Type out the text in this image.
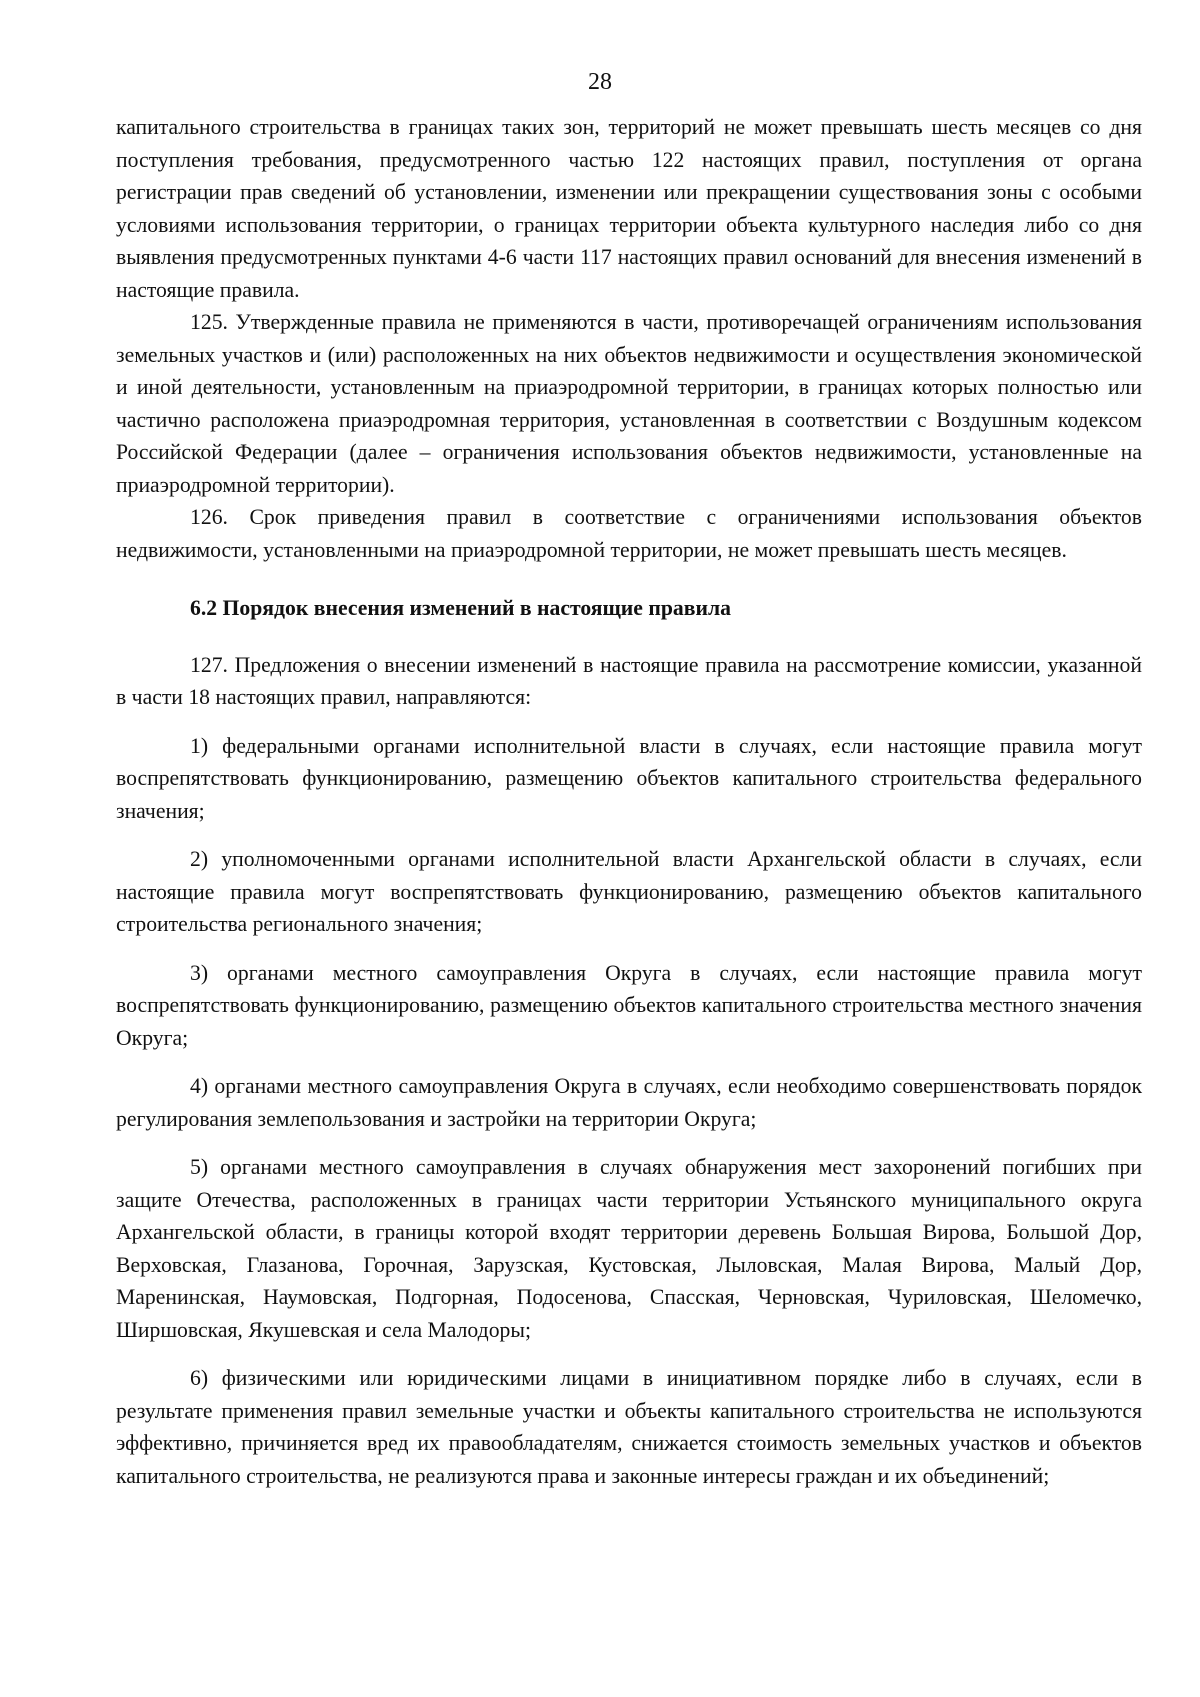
28

капитального строительства в границах таких зон, территорий не может превышать шесть месяцев со дня поступления требования, предусмотренного частью 122 настоящих правил, поступления от органа регистрации прав сведений об установлении, изменении или прекращении существования зоны с особыми условиями использования территории, о границах территории объекта культурного наследия либо со дня выявления предусмотренных пунктами 4-6 части 117 настоящих правил оснований для внесения изменений в настоящие правила.

125. Утвержденные правила не применяются в части, противоречащей ограничениям использования земельных участков и (или) расположенных на них объектов недвижимости и осуществления экономической и иной деятельности, установленным на приаэродромной территории, в границах которых полностью или частично расположена приаэродромная территория, установленная в соответствии с Воздушным кодексом Российской Федерации (далее – ограничения использования объектов недвижимости, установленные на приаэродромной территории).

126. Срок приведения правил в соответствие с ограничениями использования объектов недвижимости, установленными на приаэродромной территории, не может превышать шесть месяцев.

6.2 Порядок внесения изменений в настоящие правила

127. Предложения о внесении изменений в настоящие правила на рассмотрение комиссии, указанной в части 18 настоящих правил, направляются:

1) федеральными органами исполнительной власти в случаях, если настоящие правила могут воспрепятствовать функционированию, размещению объектов капитального строительства федерального значения;

2) уполномоченными органами исполнительной власти Архангельской области в случаях, если настоящие правила могут воспрепятствовать функционированию, размещению объектов капитального строительства регионального значения;

3) органами местного самоуправления Округа в случаях, если настоящие правила могут воспрепятствовать функционированию, размещению объектов капитального строительства местного значения Округа;

4) органами местного самоуправления Округа в случаях, если необходимо совершенствовать порядок регулирования землепользования и застройки на территории Округа;

5) органами местного самоуправления в случаях обнаружения мест захоронений погибших при защите Отечества, расположенных в границах части территории Устьянского муниципального округа Архангельской области, в границы которой входят территории деревень Большая Вирова, Большой Дор, Верховская, Глазанова, Горочная, Зарузская, Кустовская, Лыловская, Малая Вирова, Малый Дор, Маренинская, Наумовская, Подгорная, Подосенова, Спасская, Черновская, Чуриловская, Шеломечко, Ширшовская, Якушевская и села Малодоры;

6) физическими или юридическими лицами в инициативном порядке либо в случаях, если в результате применения правил земельные участки и объекты капитального строительства не используются эффективно, причиняется вред их правообладателям, снижается стоимость земельных участков и объектов капитального строительства, не реализуются права и законные интересы граждан и их объединений;
